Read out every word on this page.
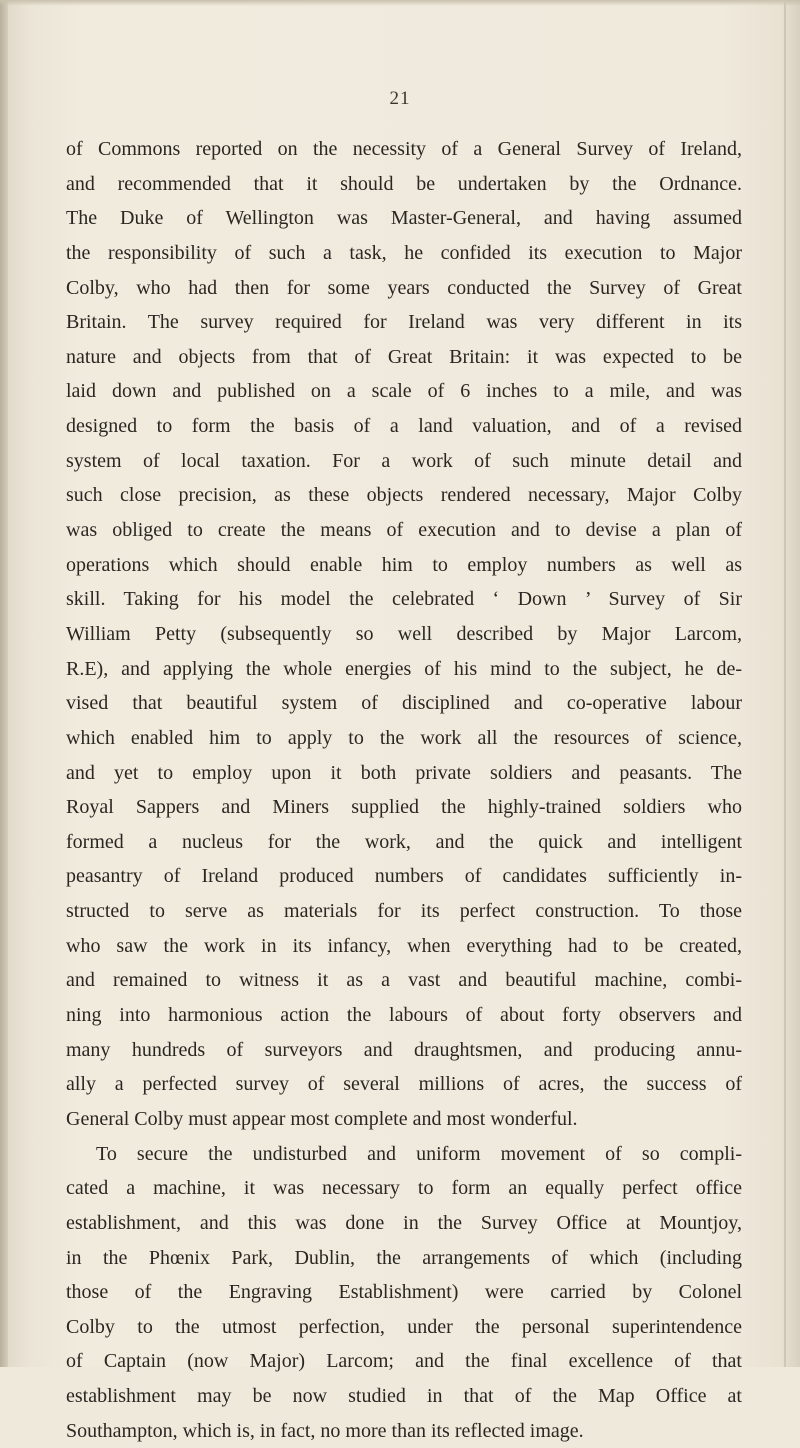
21
of Commons reported on the necessity of a General Survey of Ireland,
and recommended that it should be undertaken by the Ordnance.
The Duke of Wellington was Master-General, and having assumed
the responsibility of such a task, he confided its execution to Major
Colby, who had then for some years conducted the Survey of Great
Britain. The survey required for Ireland was very different in its
nature and objects from that of Great Britain: it was expected to be
laid down and published on a scale of 6 inches to a mile, and was
designed to form the basis of a land valuation, and of a revised
system of local taxation. For a work of such minute detail and
such close precision, as these objects rendered necessary, Major Colby
was obliged to create the means of execution and to devise a plan of
operations which should enable him to employ numbers as well as
skill. Taking for his model the celebrated ‘ Down ’ Survey of Sir
William Petty (subsequently so well described by Major Larcom,
R.E), and applying the whole energies of his mind to the subject, he de-
vised that beautiful system of disciplined and co-operative labour
which enabled him to apply to the work all the resources of science,
and yet to employ upon it both private soldiers and peasants. The
Royal Sappers and Miners supplied the highly-trained soldiers who
formed a nucleus for the work, and the quick and intelligent
peasantry of Ireland produced numbers of candidates sufficiently in-
structed to serve as materials for its perfect construction. To those
who saw the work in its infancy, when everything had to be created,
and remained to witness it as a vast and beautiful machine, combi-
ning into harmonious action the labours of about forty observers and
many hundreds of surveyors and draughtsmen, and producing annu-
ally a perfected survey of several millions of acres, the success of
General Colby must appear most complete and most wonderful.
To secure the undisturbed and uniform movement of so compli-
cated a machine, it was necessary to form an equally perfect office
establishment, and this was done in the Survey Office at Mountjoy,
in the Phœnix Park, Dublin, the arrangements of which (including
those of the Engraving Establishment) were carried by Colonel
Colby to the utmost perfection, under the personal superintendence
of Captain (now Major) Larcom; and the final excellence of that
establishment may be now studied in that of the Map Office at
Southampton, which is, in fact, no more than its reflected image.
